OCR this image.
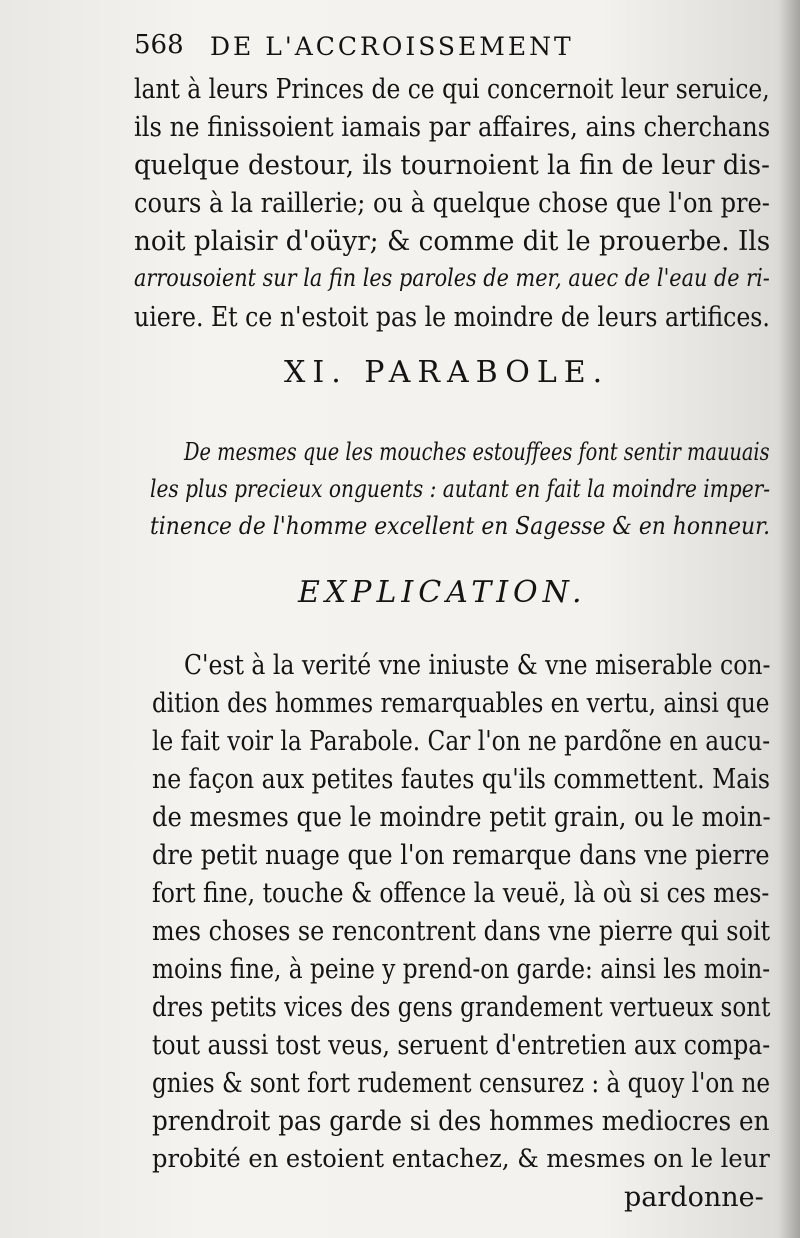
568 DE L'ACCROISSEMENT
lant à leurs Princes de ce qui concernoit leur seruice,
ils ne finissoient iamais par affaires, ains cherchans
quelque destour, ils tournoient la fin de leur dis-
cours à la raillerie; ou à quelque chose que l'on pre-
noit plaisir d'oüyr; & comme dit le prouerbe. Ils
arrousoient sur la fin les paroles de mer, auec de l'eau de ri-
uiere. Et ce n'estoit pas le moindre de leurs artifices.
XI. PARABOLE.
De mesmes que les mouches estouffees font sentir mauuais
les plus precieux onguents : autant en fait la moindre imper-
tinence de l'homme excellent en Sagesse & en honneur.
EXPLICATION.
C'est à la verité vne iniuste & vne miserable con-
dition des hommes remarquables en vertu, ainsi que
le fait voir la Parabole. Car l'on ne pardõne en aucu-
ne façon aux petites fautes qu'ils commettent. Mais
de mesmes que le moindre petit grain, ou le moin-
dre petit nuage que l'on remarque dans vne pierre
fort fine, touche & offence la veuë, là où si ces mes-
mes choses se rencontrent dans vne pierre qui soit
moins fine, à peine y prend-on garde: ainsi les moin-
dres petits vices des gens grandement vertueux sont
tout aussi tost veus, seruent d'entretien aux compa-
gnies & sont fort rudement censurez : à quoy l'on ne
prendroit pas garde si des hommes mediocres en
probité en estoient entachez, & mesmes on le leur
pardonne-
